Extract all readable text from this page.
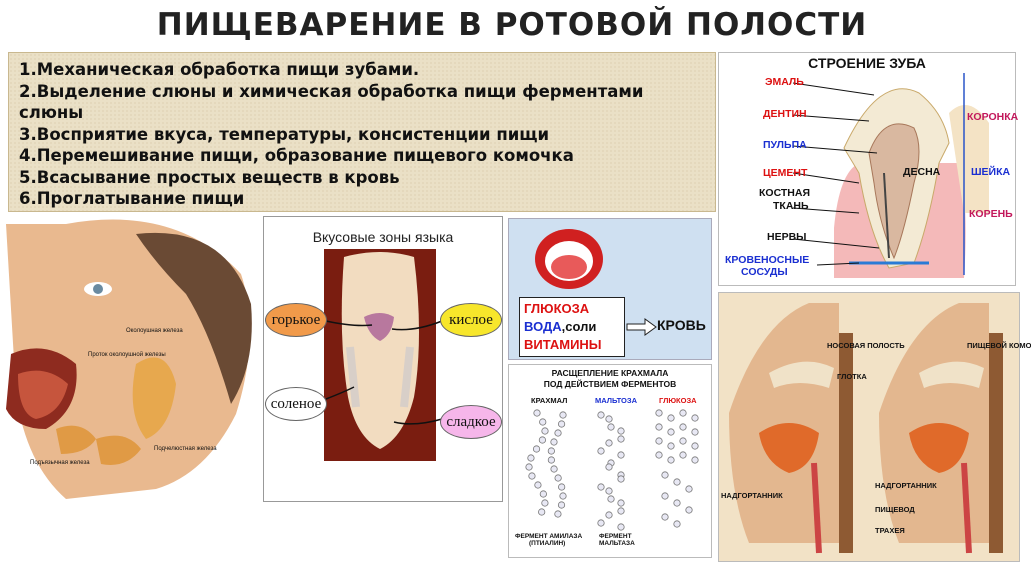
ПИЩЕВАРЕНИЕ В РОТОВОЙ ПОЛОСТИ
1.Механическая обработка пищи зубами.
2.Выделение слюны и химическая обработка пищи ферментами
слюны
3.Восприятие вкуса, температуры, консистенции пищи
4.Перемешивание пищи, образование пищевого комочка
5.Всасывание простых веществ в кровь
6.Проглатывание пищи
СТРОЕНИЕ ЗУБА
ЭМАЛЬ
ДЕНТИН
ПУЛЬПА
ЦЕМЕНТ
КОСТНАЯ
ТКАНЬ
НЕРВЫ
КРОВЕНОСНЫЕ
СОСУДЫ
ДЕСНА
КОРОНКА
ШЕЙКА
КОРЕНЬ
Околоушная железа
Проток околоушной железы
Подчелюстная железа
Подъязычная железа
Вкусовые зоны языка
горькое	кислое
соленое
сладкое
ГЛЮКОЗА
ВОДА,соли
ВИТАМИНЫ
КРОВЬ
РАСЩЕПЛЕНИЕ КРАХМАЛА
ПОД ДЕЙСТВИЕМ ФЕРМЕНТОВ
КРАХМАЛ	МАЛЬТОЗА	ГЛЮКОЗА
ФЕРМЕНТ АМИЛАЗА
(ПТИАЛИН)
ФЕРМЕНТ
МАЛЬТАЗА
НОСОВАЯ ПОЛОСТЬ	ПИЩЕВОЙ КОМО
ГЛОТКА
НАДГОРТАННИК
НАДГОРТАННИК
ПИЩЕВОД
ТРАХЕЯ
